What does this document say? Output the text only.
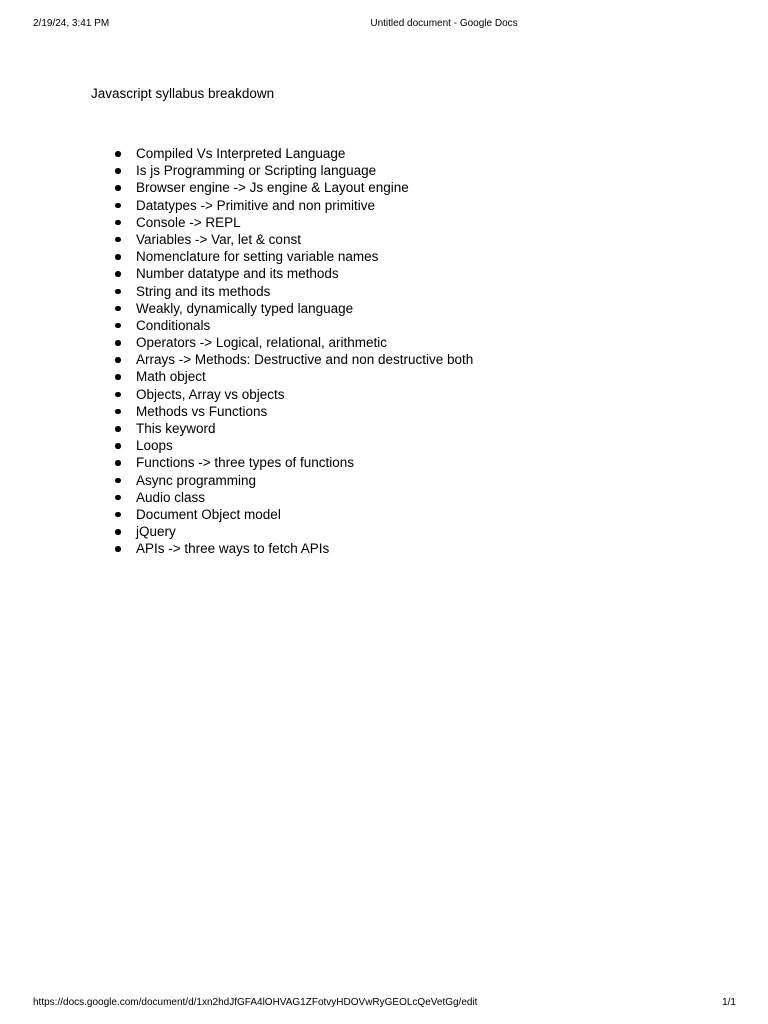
2/19/24, 3:41 PM	Untitled document - Google Docs
Javascript syllabus breakdown
Compiled Vs Interpreted Language
Is js Programming or Scripting language
Browser engine -> Js engine & Layout engine
Datatypes -> Primitive and non primitive
Console -> REPL
Variables -> Var, let & const
Nomenclature for setting variable names
Number datatype and its methods
String and its methods
Weakly, dynamically typed language
Conditionals
Operators -> Logical, relational, arithmetic
Arrays -> Methods: Destructive and non destructive both
Math object
Objects, Array vs objects
Methods vs Functions
This keyword
Loops
Functions -> three types of functions
Async programming
Audio class
Document Object model
jQuery
APIs -> three ways to fetch APIs
https://docs.google.com/document/d/1xn2hdJfGFA4lOHVAG1ZFotvyHDOVwRyGEOLcQeVetGg/edit	1/1
